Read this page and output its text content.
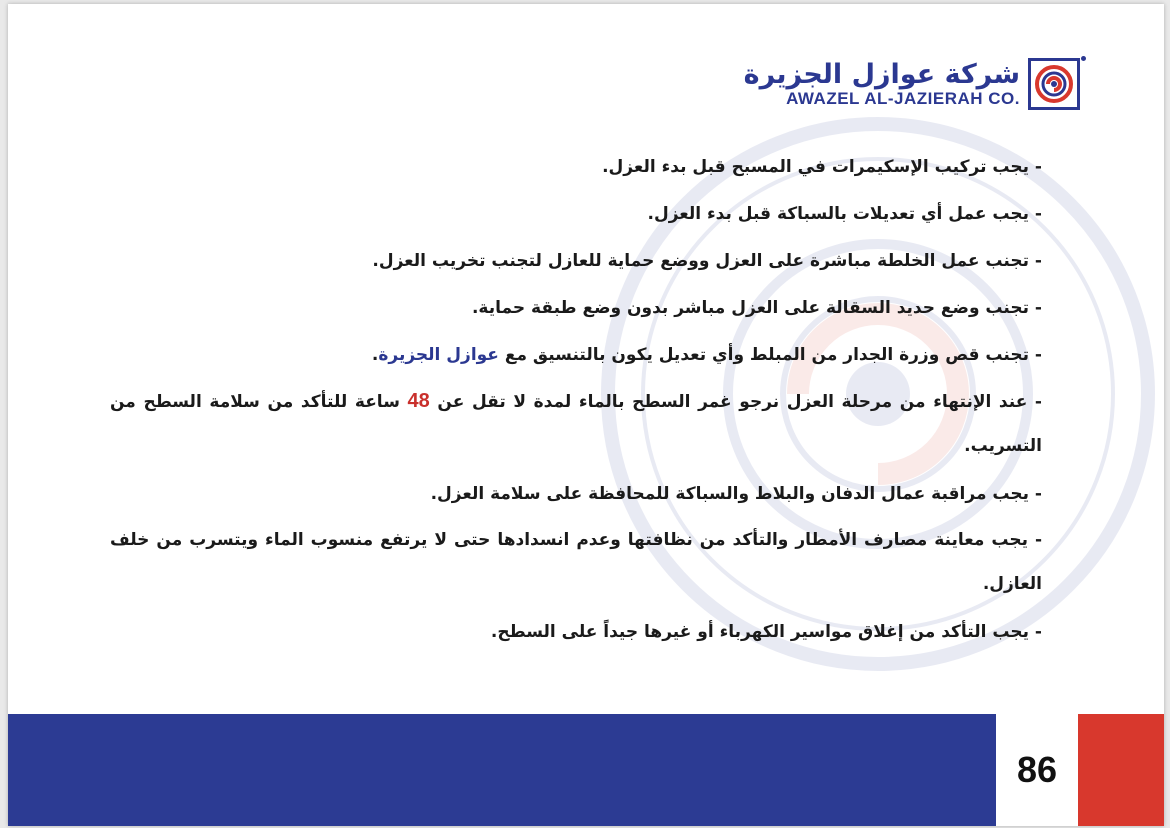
شركة عوازل الجزيرة
AWAZEL AL-JAZIERAH CO.

- يجب تركيب الإسكيمرات في المسبح قبل بدء العزل.

- يجب عمل أي تعديلات بالسباكة قبل بدء العزل.

- تجنب عمل الخلطة مباشرة على العزل ووضع حماية للعازل لتجنب تخريب العزل.

- تجنب وضع حديد السقالة على العزل مباشر بدون وضع طبقة حماية.

- تجنب قص وزرة الجدار من المبلط وأي تعديل يكون بالتنسيق مع عوازل الجزيرة.

- عند الإنتهاء من مرحلة العزل نرجو غمر السطح بالماء لمدة لا تقل عن 48 ساعة للتأكد من سلامة السطح من التسريب.

- يجب مراقبة عمال الدفان والبلاط والسباكة للمحافظة على سلامة العزل.

- يجب معاينة مصارف الأمطار والتأكد من نظافتها وعدم انسدادها حتى لا يرتفع منسوب الماء ويتسرب من خلف العازل.

- يجب التأكد من إغلاق مواسير الكهرباء أو غيرها جيداً على السطح.

86
